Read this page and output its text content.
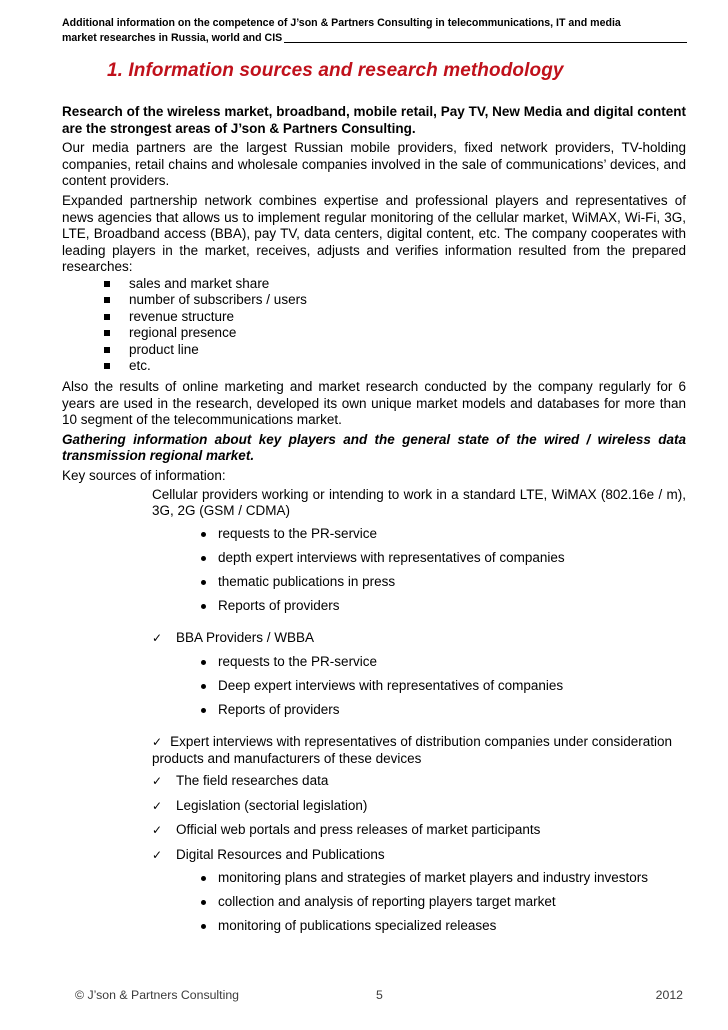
Additional information on the competence of J’son & Partners Consulting in telecommunications, IT and media
market researches in Russia, world and CIS
1. Information sources and research methodology

Research of the wireless market, broadband, mobile retail, Pay TV, New Media and digital content are the strongest areas of J’son & Partners Consulting.

Our media partners are the largest Russian mobile providers, fixed network providers, TV-holding companies, retail chains and wholesale companies involved in the sale of communications’ devices, and content providers.

Expanded partnership network combines expertise and professional players and representatives of news agencies that allows us to implement regular monitoring of the cellular market, WiMAX, Wi-Fi, 3G, LTE, Broadband access (BBA), pay TV, data centers, digital content, etc. The company cooperates with leading players in the market, receives, adjusts and verifies information resulted from the prepared researches:

sales and market share
number of subscribers / users
revenue structure
regional presence
product line
etc.

Also the results of online marketing and market research conducted by the company regularly for 6 years are used in the research, developed its own unique market models and databases for more than 10 segment of the telecommunications market.

Gathering information about key players and the general state of the wired / wireless data transmission regional market.

Key sources of information:

Cellular providers working or intending to work in a standard LTE, WiMAX (802.16e / m), 3G, 2G (GSM / CDMA)

requests to the PR-service
depth expert interviews with representatives of companies
thematic publications in press
Reports of providers
✓ BBA Providers / WBBA
requests to the PR-service
Deep expert interviews with representatives of companies
Reports of providers
✓ Expert interviews with representatives of distribution companies under consideration products and manufacturers of these devices
✓ The field researches data
✓ Legislation (sectorial legislation)
✓ Official web portals and press releases of market participants
✓ Digital Resources and Publications
monitoring plans and strategies of market players and industry investors
collection and analysis of reporting players target market
monitoring of publications specialized releases
© J’son & Partners Consulting	5	2012
